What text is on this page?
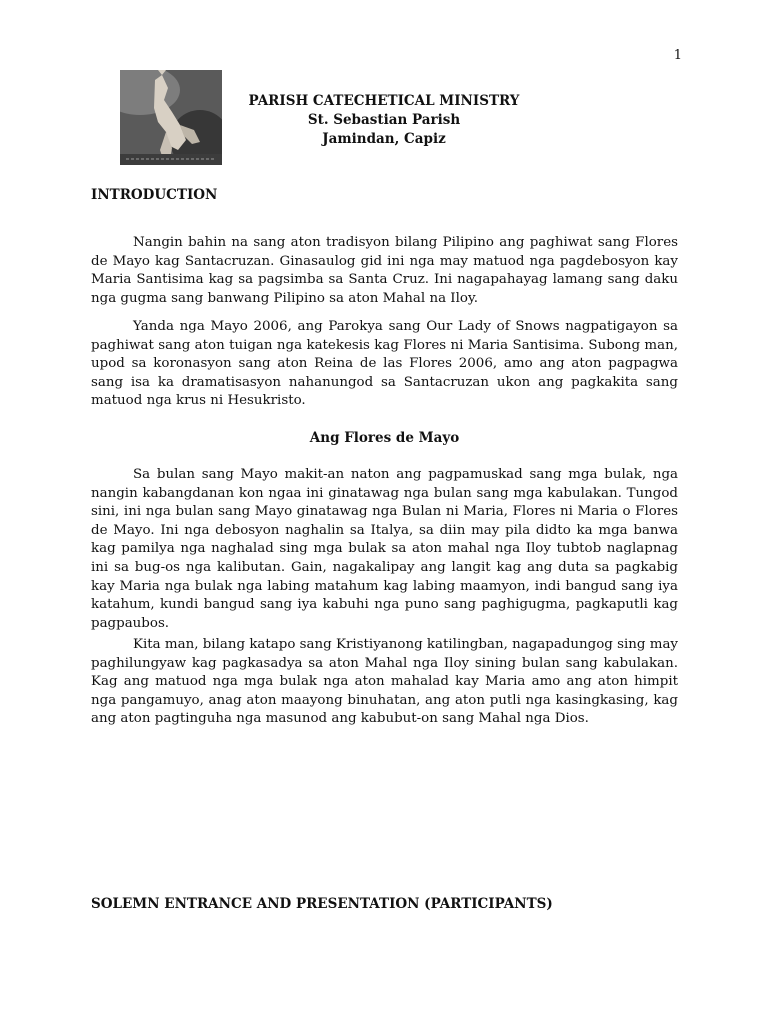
1
PARISH CATECHETICAL MINISTRY
St. Sebastian Parish
Jamindan, Capiz
INTRODUCTION

Nangin bahin na sang aton tradisyon bilang Pilipino ang paghiwat sang Flores de Mayo kag Santacruzan. Ginasaulog gid ini nga may matuod nga pagdebosyon kay Maria Santisima kag sa pagsimba sa Santa Cruz. Ini nagapahayag lamang sang daku nga gugma sang banwang Pilipino sa aton Mahal na Iloy.

Yanda nga Mayo 2006, ang Parokya sang Our Lady of Snows nagpatigayon sa paghiwat sang aton tuigan nga katekesis kag Flores ni Maria Santisima. Subong man, upod sa koronasyon sang aton Reina de las Flores 2006, amo ang aton pagpagwa sang isa ka dramatisasyon nahanungod sa Santacruzan ukon ang pagkakita sang matuod nga krus ni Hesukristo.

Ang Flores de Mayo

Sa bulan sang Mayo makit-an naton ang pagpamuskad sang mga bulak, nga nangin kabangdanan kon ngaa ini ginatawag nga bulan sang mga kabulakan. Tungod sini, ini nga bulan sang Mayo ginatawag nga Bulan ni Maria, Flores ni Maria o Flores de Mayo. Ini nga debosyon naghalin sa Italya, sa diin may pila didto ka mga banwa kag pamilya nga naghalad sing mga bulak sa aton mahal nga Iloy tubtob naglapnag ini sa bug-os nga kalibutan. Gain, nagakalipay ang langit kag ang duta sa pagkabig kay Maria nga bulak nga labing matahum kag labing maamyon, indi bangud sang iya katahum, kundi bangud sang iya kabuhi nga puno sang paghigugma, pagkaputli kag pagpaubos.

Kita man, bilang katapo sang Kristiyanong katilingban, nagapadungog sing may paghilungyaw kag pagkasadya sa aton Mahal nga Iloy sining bulan sang kabulakan. Kag ang matuod nga mga bulak nga aton mahalad kay Maria amo ang aton himpit nga pangamuyo, anag aton maayong binuhatan, ang aton putli nga kasingkasing, kag ang aton pagtinguha nga masunod ang kabubut-on sang Mahal nga Dios.

SOLEMN ENTRANCE AND PRESENTATION (PARTICIPANTS)
